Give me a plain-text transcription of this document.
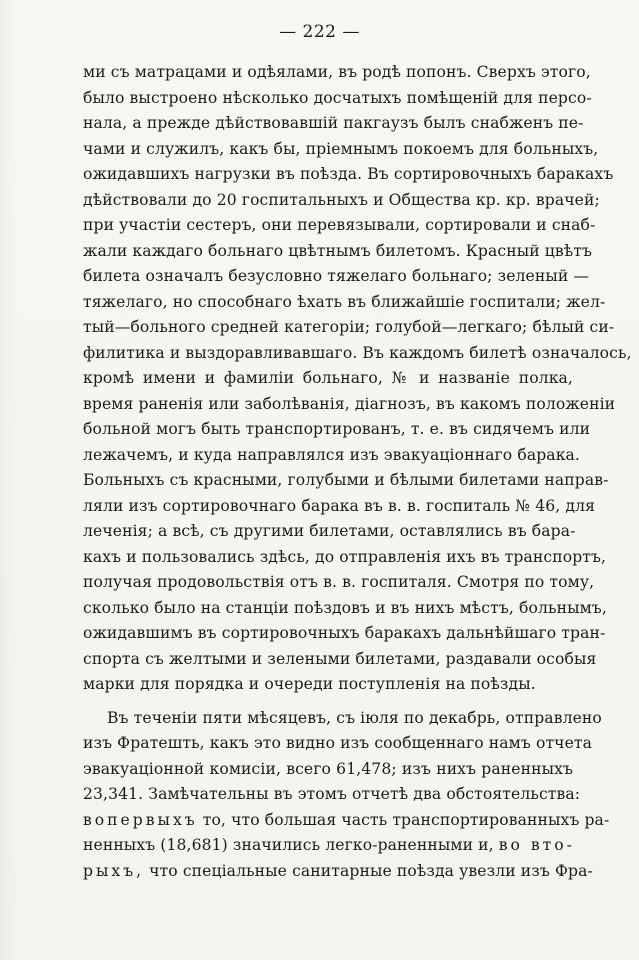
— 222 —
ми съ матрацами и одѣялами, въ родѣ попонъ. Сверхъ этого,
было выстроено нѣсколько досчатыхъ помѣщеній для персо-
нала, а прежде дѣйствовавшій пакгаузъ былъ снабженъ пе-
чами и служилъ, какъ бы, пріемнымъ покоемъ для больныхъ,
ожидавшихъ нагрузки въ поѣзда. Въ сортировочныхъ баракахъ
дѣйствовали до 20 госпитальныхъ и Общества кр. кр. врачей;
при участіи сестеръ, они перевязывали, сортировали и снаб-
жали каждаго больнаго цвѣтнымъ билетомъ. Красный цвѣтъ
билета означалъ безусловно тяжелаго больнаго; зеленый —
тяжелаго, но способнаго ѣхать въ ближайшіе госпитали; жел-
тый—больного средней категоріи; голубой—легкаго; бѣлый си-
филитика и выздоравливавшаго. Въ каждомъ билетѣ означалось,
кромѣ имени и фамиліи больнаго, № и названіе полка,
время раненія или заболѣванія, діагнозъ, въ какомъ положеніи
больной могъ быть транспортированъ, т. е. въ сидячемъ или
лежачемъ, и куда направлялся изъ эвакуаціоннаго барака.
Больныхъ съ красными, голубыми и бѣлыми билетами направ-
ляли изъ сортировочнаго барака въ в. в. госпиталь № 46, для
леченія; а всѣ, съ другими билетами, оставлялись въ бара-
кахъ и пользовались здѣсь, до отправленія ихъ въ транспортъ,
получая продовольствія отъ в. в. госпиталя. Смотря по тому,
сколько было на станціи поѣздовъ и въ нихъ мѣстъ, больнымъ,
ожидавшимъ въ сортировочныхъ баракахъ дальнѣйшаго тран-
спорта съ желтыми и зелеными билетами, раздавали особыя
марки для порядка и очереди поступленія на поѣзды.
Въ теченіи пяти мѣсяцевъ, съ іюля по декабрь, отправлено
изъ Фратешть, какъ это видно изъ сообщеннаго намъ отчета
эвакуаціонной комисіи, всего 61,478; изъ нихъ раненныхъ
23,341. Замѣчательны въ этомъ отчетѣ два обстоятельства:
вопервыхъ то, что большая часть транспортированныхъ ра-
ненныхъ (18,681) значились легко-раненными и, во вто-
рыхъ, что спеціальные санитарные поѣзда увезли изъ Фра-
